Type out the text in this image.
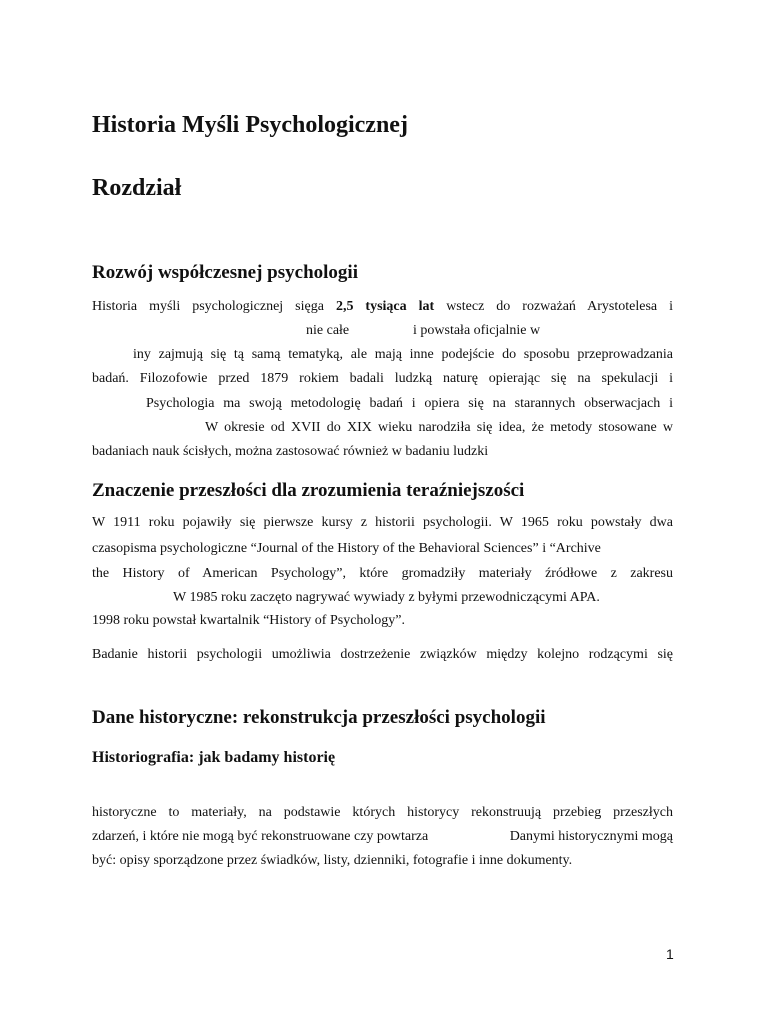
Historia Myśli Psychologicznej
Rozdział
Rozwój współczesnej psychologii
Historia myśli psychologicznej sięga 2,5 tysiąca lat wstecz do rozważań Arystotelesa i
nie całe	i powstała oficjalnie w
iny zajmują się tą samą tematyką, ale mają inne podejście do sposobu przeprowadzania
badań. Filozofowie przed 1879 rokiem badali ludzką naturę opierając się na spekulacji i
Psychologia ma swoją metodologię badań i opiera się na starannych obserwacjach i
W okresie od XVII do XIX wieku narodziła się idea, że metody stosowane w
badaniach nauk ścisłych, można zastosować również w badaniu ludzki
Znaczenie przeszłości dla zrozumienia teraźniejszości
W 1911 roku pojawiły się pierwsze kursy z historii psychologii. W 1965 roku powstały dwa
czasopisma psychologiczne “Journal of the History of the Behavioral Sciences” i “Archive
the History of American Psychology”, które gromadziły materiały źródłowe z zakresu
W 1985 roku zaczęto nagrywać wywiady z byłymi przewodniczącymi APA.
1998 roku powstał kwartalnik “History of Psychology”.
Badanie historii psychologii umożliwia dostrzeżenie związków między kolejno rodzącymi się
Dane historyczne: rekonstrukcja przeszłości psychologii
Historiografia: jak badamy historię
historyczne to materiały, na podstawie których historycy rekonstruują przebieg przeszłych
zdarzeń, i które nie mogą być rekonstruowane czy powtarza	Danymi historycznymi mogą
być: opisy sporządzone przez świadków, listy, dzienniki, fotografie i inne dokumenty.
1
